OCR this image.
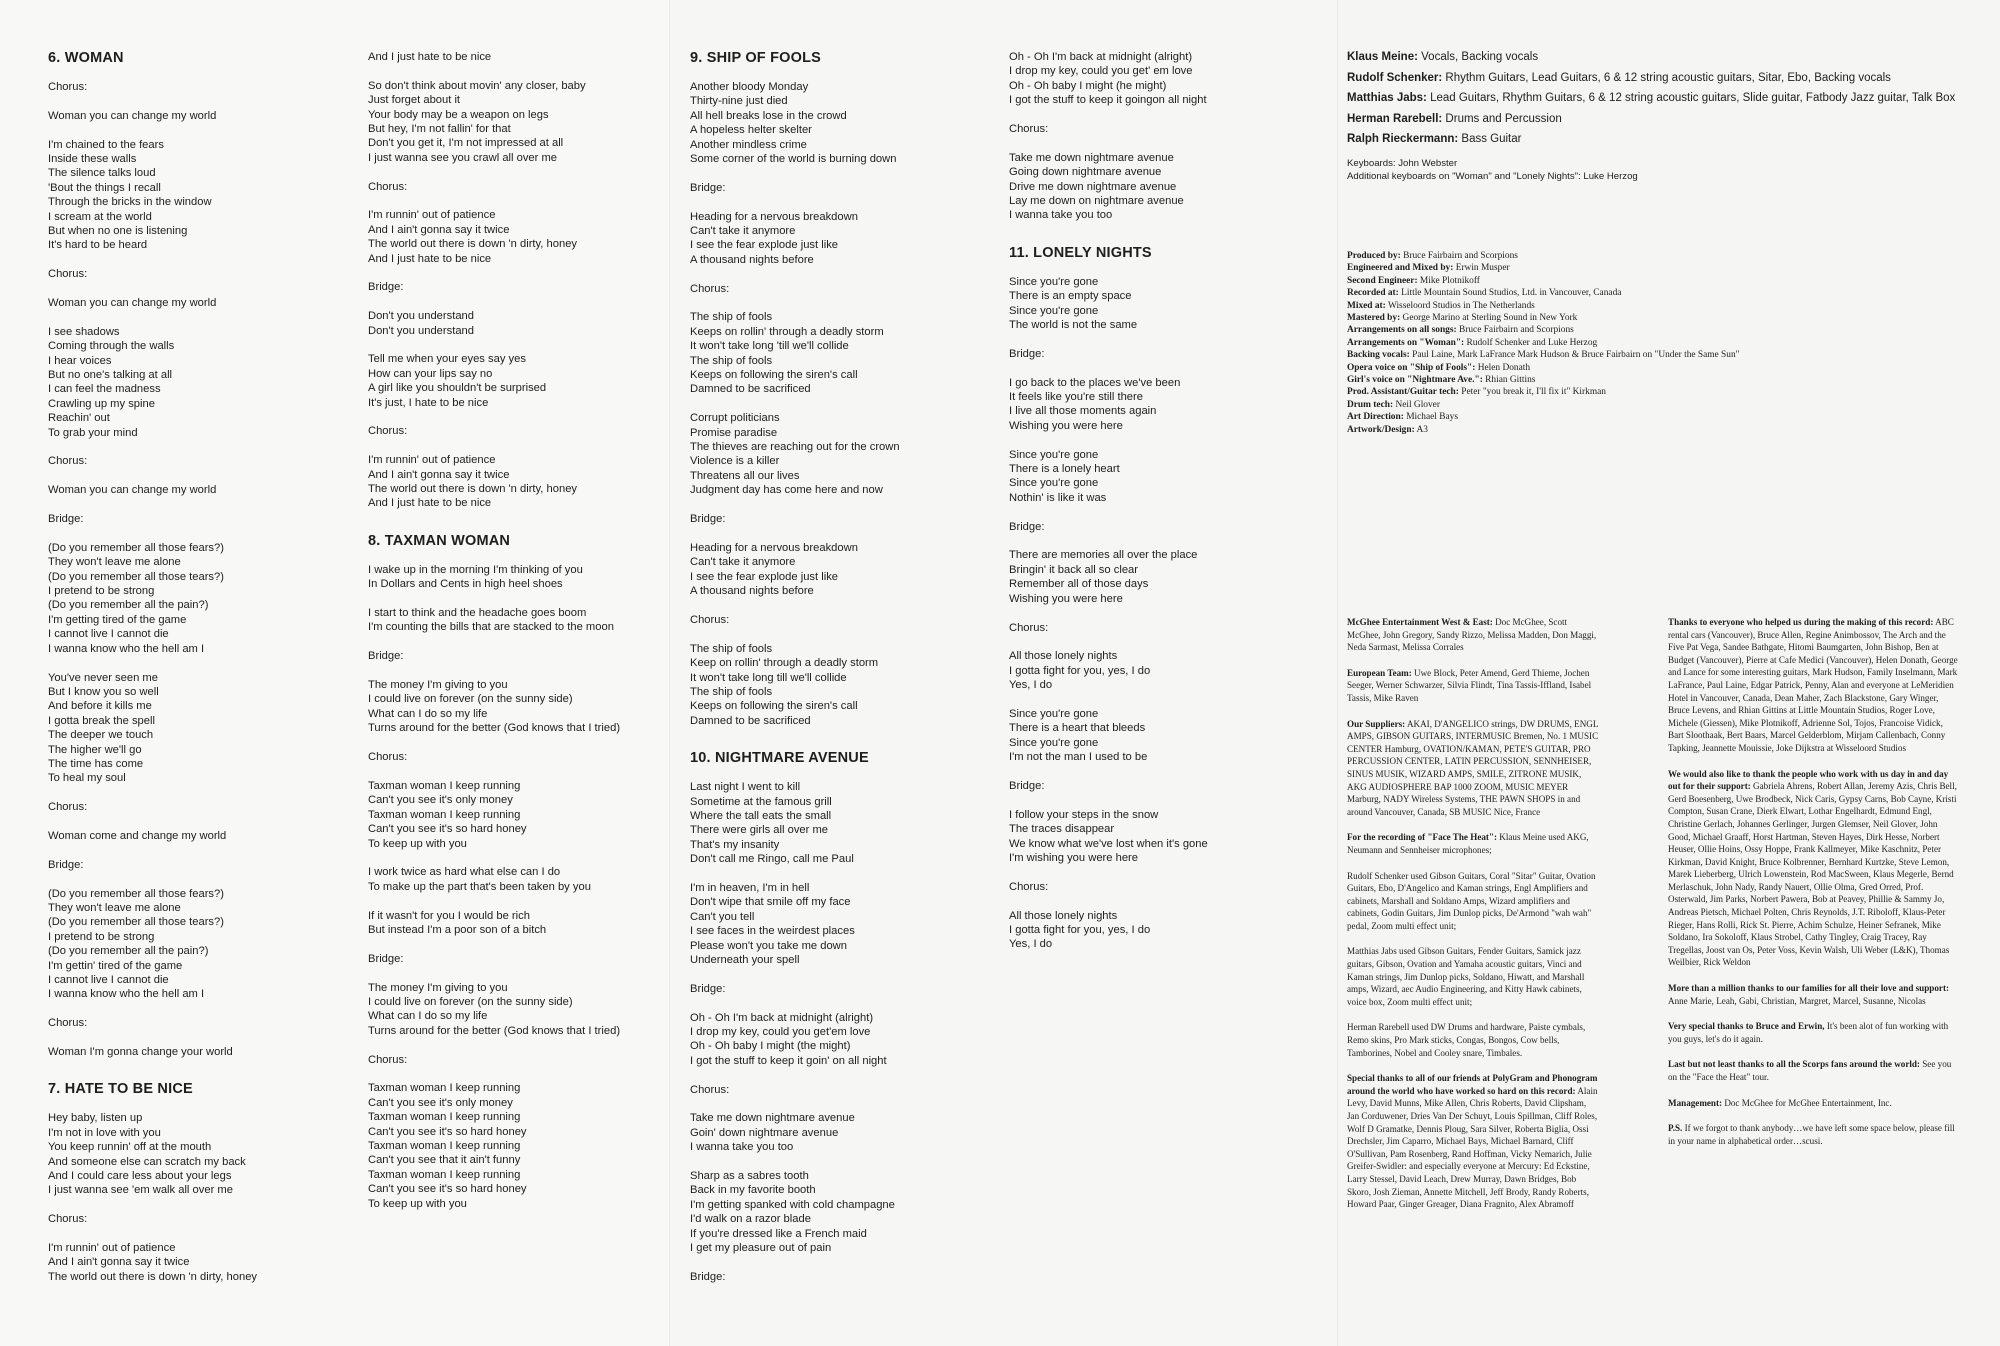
6. WOMAN
Chorus:
Woman you can change my world
I'm chained to the fears
Inside these walls
The silence talks loud
'Bout the things I recall
Through the bricks in the window
I scream at the world
But when no one is listening
It's hard to be heard
Chorus:
Woman you can change my world
I see shadows
Coming through the walls
I hear voices
But no one's talking at all
I can feel the madness
Crawling up my spine
Reachin' out
To grab your mind
Chorus:
Woman you can change my world
Bridge:
(Do you remember all those fears?)
They won't leave me alone
(Do you remember all those tears?)
I pretend to be strong
(Do you remember all the pain?)
I'm getting tired of the game
I cannot live I cannot die
I wanna know who the hell am I
You've never seen me
But I know you so well
And before it kills me
I gotta break the spell
The deeper we touch
The higher we'll go
The time has come
To heal my soul
Chorus:
Woman come and change my world
Bridge:
(Do you remember all those fears?)
They won't leave me alone
(Do you remember all those tears?)
I pretend to be strong
(Do you remember all the pain?)
I'm gettin' tired of the game
I cannot live I cannot die
I wanna know who the hell am I
Chorus:
Woman I'm gonna change your world
7. HATE TO BE NICE
Hey baby, listen up
I'm not in love with you
You keep runnin' off at the mouth
And someone else can scratch my back
And I could care less about your legs
I just wanna see 'em walk all over me
Chorus:
I'm runnin' out of patience
And I ain't gonna say it twice
The world out there is down 'n dirty, honey
And I just hate to be nice
So don't think about movin' any closer, baby
Just forget about it
Your body may be a weapon on legs
But hey, I'm not fallin' for that
Don't you get it, I'm not impressed at all
I just wanna see you crawl all over me
Chorus:
I'm runnin' out of patience
And I ain't gonna say it twice
The world out there is down 'n dirty, honey
And I just hate to be nice
Bridge:
Don't you understand
Don't you understand
Tell me when your eyes say yes
How can your lips say no
A girl like you shouldn't be surprised
It's just, I hate to be nice
Chorus:
I'm runnin' out of patience
And I ain't gonna say it twice
The world out there is down 'n dirty, honey
And I just hate to be nice
8. TAXMAN WOMAN
I wake up in the morning I'm thinking of you
In Dollars and Cents in high heel shoes
I start to think and the headache goes boom
I'm counting the bills that are stacked to the moon
Bridge:
The money I'm giving to you
I could live on forever (on the sunny side)
What can I do so my life
Turns around for the better (God knows that I tried)
Chorus:
Taxman woman I keep running
Can't you see it's only money
Taxman woman I keep running
Can't you see it's so hard honey
To keep up with you
I work twice as hard what else can I do
To make up the part that's been taken by you
If it wasn't for you I would be rich
But instead I'm a poor son of a bitch
Bridge:
The money I'm giving to you
I could live on forever (on the sunny side)
What can I do so my life
Turns around for the better (God knows that I tried)
Chorus:
Taxman woman I keep running
Can't you see it's only money
Taxman woman I keep running
Can't you see it's so hard honey
Taxman woman I keep running
Can't you see that it ain't funny
Taxman woman I keep running
Can't you see it's so hard honey
To keep up with you
9. SHIP OF FOOLS
Another bloody Monday
Thirty-nine just died
All hell breaks lose in the crowd
A hopeless helter skelter
Another mindless crime
Some corner of the world is burning down
Bridge:
Heading for a nervous breakdown
Can't take it anymore
I see the fear explode just like
A thousand nights before
Chorus:
The ship of fools
Keeps on rollin' through a deadly storm
It won't take long 'till we'll collide
The ship of fools
Keeps on following the siren's call
Damned to be sacrificed
Corrupt politicians
Promise paradise
The thieves are reaching out for the crown
Violence is a killer
Threatens all our lives
Judgment day has come here and now
Bridge:
Heading for a nervous breakdown
Can't take it anymore
I see the fear explode just like
A thousand nights before
Chorus:
The ship of fools
Keep on rollin' through a deadly storm
It won't take long till we'll collide
The ship of fools
Keeps on following the siren's call
Damned to be sacrificed
10. NIGHTMARE AVENUE
Last night I went to kill
Sometime at the famous grill
Where the tall eats the small
There were girls all over me
That's my insanity
Don't call me Ringo, call me Paul
I'm in heaven, I'm in hell
Don't wipe that smile off my face
Can't you tell
I see faces in the weirdest places
Please won't you take me down
Underneath your spell
Bridge:
Oh - Oh I'm back at midnight (alright)
I drop my key, could you get'em love
Oh - Oh baby I might (the might)
I got the stuff to keep it goin' on all night
Chorus:
Take me down nightmare avenue
Goin' down nightmare avenue
I wanna take you too
Sharp as a sabres tooth
Back in my favorite booth
I'm getting spanked with cold champagne
I'd walk on a razor blade
If you're dressed like a French maid
I get my pleasure out of pain
Bridge:
Oh - Oh I'm back at midnight (alright)
I drop my key, could you get' em love
Oh - Oh baby I might (he might)
I got the stuff to keep it goingon all night
Chorus:
Take me down nightmare avenue
Going down nightmare avenue
Drive me down nightmare avenue
Lay me down on nightmare avenue
I wanna take you too
11. LONELY NIGHTS
Since you're gone
There is an empty space
Since you're gone
The world is not the same
Bridge:
I go back to the places we've been
It feels like you're still there
I live all those moments again
Wishing you were here
Since you're gone
There is a lonely heart
Since you're gone
Nothin' is like it was
Bridge:
There are memories all over the place
Bringin' it back all so clear
Remember all of those days
Wishing you were here
Chorus:
All those lonely nights
I gotta fight for you, yes, I do
Yes, I do
Since you're gone
There is a heart that bleeds
Since you're gone
I'm not the man I used to be
Bridge:
I follow your steps in the snow
The traces disappear
We know what we've lost when it's gone
I'm wishing you were here
Chorus:
All those lonely nights
I gotta fight for you, yes, I do
Yes, I do
Klaus Meine: Vocals, Backing vocals
Rudolf Schenker: Rhythm Guitars, Lead Guitars, 6 & 12 string acoustic guitars, Sitar, Ebo, Backing vocals
Matthias Jabs: Lead Guitars, Rhythm Guitars, 6 & 12 string acoustic guitars, Slide guitar, Fatbody Jazz guitar, Talk Box
Herman Rarebell: Drums and Percussion
Ralph Rieckermann: Bass Guitar
Keyboards: John Webster
Additional keyboards on "Woman" and "Lonely Nights": Luke Herzog
Produced by: Bruce Fairbairn and Scorpions
Engineered and Mixed by: Erwin Musper
Second Engineer: Mike Plotnikoff
Recorded at: Little Mountain Sound Studios, Ltd. in Vancouver, Canada
Mixed at: Wisseloord Studios in The Netherlands
Mastered by: George Marino at Sterling Sound in New York
Arrangements on all songs: Bruce Fairbairn and Scorpions
Arrangements on "Woman": Rudolf Schenker and Luke Herzog
Backing vocals: Paul Laine, Mark LaFrance Mark Hudson & Bruce Fairbairn on "Under the Same Sun"
Opera voice on "Ship of Fools": Helen Donath
Girl's voice on "Nightmare Ave.": Rhian Gittins
Prod. Assistant/Guitar tech: Peter "you break it, I'll fix it" Kirkman
Drum tech: Neil Glover
Art Direction: Michael Bays
Artwork/Design: A3

McGhee Entertainment West & East: Doc McGhee, Scott McGhee, John Gregory, Sandy Rizzo, Melissa Madden, Don Maggi, Neda Sarmast, Melissa Corrales

European Team: Uwe Block, Peter Amend, Gerd Thieme, Jochen Seeger, Werner Schwarzer, Silvia Flindt, Tina Tassis-Iffland, Isabel Tassis, Mike Raven

Our Suppliers: AKAI, D'ANGELICO strings, DW DRUMS, ENGL AMPS, GIBSON GUITARS, INTERMUSIC Bremen, No. 1 MUSIC CENTER Hamburg, OVATION/KAMAN, PETE'S GUITAR, PRO PERCUSSION CENTER, LATIN PERCUSSION, SENNHEISER, SINUS MUSIK, WIZARD AMPS, SMILE, ZITRONE MUSIK, AKG AUDIOSPHERE BAP 1000 ZOOM, MUSIC MEYER Marburg, NADY Wireless Systems, THE PAWN SHOPS in and around Vancouver, Canada, SB MUSIC Nice, France

For the recording of "Face The Heat": Klaus Meine used AKG, Neumann and Sennheiser microphones;

Rudolf Schenker used Gibson Guitars, Coral "Sitar" Guitar, Ovation Guitars, Ebo, D'Angelico and Kaman strings, Engl Amplifiers and cabinets, Marshall and Soldano Amps, Wizard amplifiers and cabinets, Godin Guitars, Jim Dunlop picks, De'Armond "wah wah" pedal, Zoom multi effect unit;

Matthias Jabs used Gibson Guitars, Fender Guitars, Samick jazz guitars, Gibson, Ovation and Yamaha acoustic guitars, Vinci and Kaman strings, Jim Dunlop picks, Soldano, Hiwatt, and Marshall amps, Wizard, aec Audio Engineering, and Kitty Hawk cabinets, voice box, Zoom multi effect unit;

Herman Rarebell used DW Drums and hardware, Paiste cymbals, Remo skins, Pro Mark sticks, Congas, Bongos, Cow bells, Tamborines, Nobel and Cooley snare, Timbales.

Special thanks to all of our friends at PolyGram and Phonogram around the world who have worked so hard on this record: Alain Levy, David Munns, Mike Allen, Chris Roberts, David Clipsham, Jan Corduwener, Dries Van Der Schuyt, Louis Spillman, Cliff Roles, Wolf D Gramatke, Dennis Ploug, Sara Silver, Roberta Biglia, Ossi Drechsler, Jim Caparro, Michael Bays, Michael Barnard, Cliff O'Sullivan, Pam Rosenberg, Rand Hoffman, Vicky Nemarich, Julie Greifer-Swidler: and especially everyone at Mercury: Ed Eckstine, Larry Stessel, David Leach, Drew Murray, Dawn Bridges, Bob Skoro, Josh Zieman, Annette Mitchell, Jeff Brody, Randy Roberts, Howard Paar, Ginger Greager, Diana Fragnito, Alex Abramoff

Thanks to everyone who helped us during the making of this record: ABC rental cars (Vancouver), Bruce Allen, Regine Animbossov, The Arch and the Five Pat Vega, Sandee Bathgate, Hitomi Baumgarten, John Bishop, Ben at Budget (Vancouver), Pierre at Cafe Medici (Vancouver), Helen Donath, George and Lance for some interesting guitars, Mark Hudson, Family Inselmann, Mark LaFrance, Paul Laine, Edgar Patrick, Penny, Alan and everyone at LeMeridien Hotel in Vancouver, Canada, Dean Maher, Zach Blackstone, Gary Winger, Bruce Levens, and Rhian Gittins at Little Mountain Studios, Roger Love, Michele (Giessen), Mike Plotnikoff, Adrienne Sol, Tojos, Francoise Vidick, Bart Sloothaak, Bert Baars, Marcel Gelderblom, Mirjam Callenbach, Conny Tapking, Jeannette Mouissie, Joke Dijkstra at Wisseloord Studios

We would also like to thank the people who work with us day in and day out for their support: Gabriela Ahrens, Robert Allan, Jeremy Azis, Chris Bell, Gerd Boesenberg, Uwe Brodbeck, Nick Caris, Gypsy Carns, Bob Cayne, Kristi Compton, Susan Crane, Dierk Elwart, Lothar Engelhardt, Edmund Engl, Christine Gerlach, Johannes Gerlinger, Jurgen Glemser, Neil Glover, John Good, Michael Graaff, Horst Hartman, Steven Hayes, Dirk Hesse, Norbert Heuser, Ollie Hoins, Ossy Hoppe, Frank Kallmeyer, Mike Kaschnitz, Peter Kirkman, David Knight, Bruce Kolbrenner, Bernhard Kurtzke, Steve Lemon, Marek Lieberberg, Ulrich Lowenstein, Rod MacSween, Klaus Megerle, Bernd Merlaschuk, John Nady, Randy Nauert, Ollie Olma, Gred Orred, Prof. Osterwald, Jim Parks, Norbert Pawera, Bob at Peavey, Phillie & Sammy Jo, Andreas Pietsch, Michael Polten, Chris Reynolds, J.T. Riboloff, Klaus-Peter Rieger, Hans Rolli, Rick St. Pierre, Achim Schulze, Heiner Sefranek, Mike Soldano, Ira Sokoloff, Klaus Strobel, Cathy Tingley, Craig Tracey, Ray Tregellas, Joost van Os, Peter Voss, Kevin Walsh, Uli Weber (L&K), Thomas Weilbier, Rick Weldon

More than a million thanks to our families for all their love and support: Anne Marie, Leah, Gabi, Christian, Margret, Marcel, Susanne, Nicolas

Very special thanks to Bruce and Erwin, It's been alot of fun working with you guys, let's do it again.

Last but not least thanks to all the Scorps fans around the world: See you on the "Face the Heat" tour.

Management: Doc McGhee for McGhee Entertainment, Inc.

P.S. If we forgot to thank anybody…we have left some space below, please fill in your name in alphabetical order…scusi.
